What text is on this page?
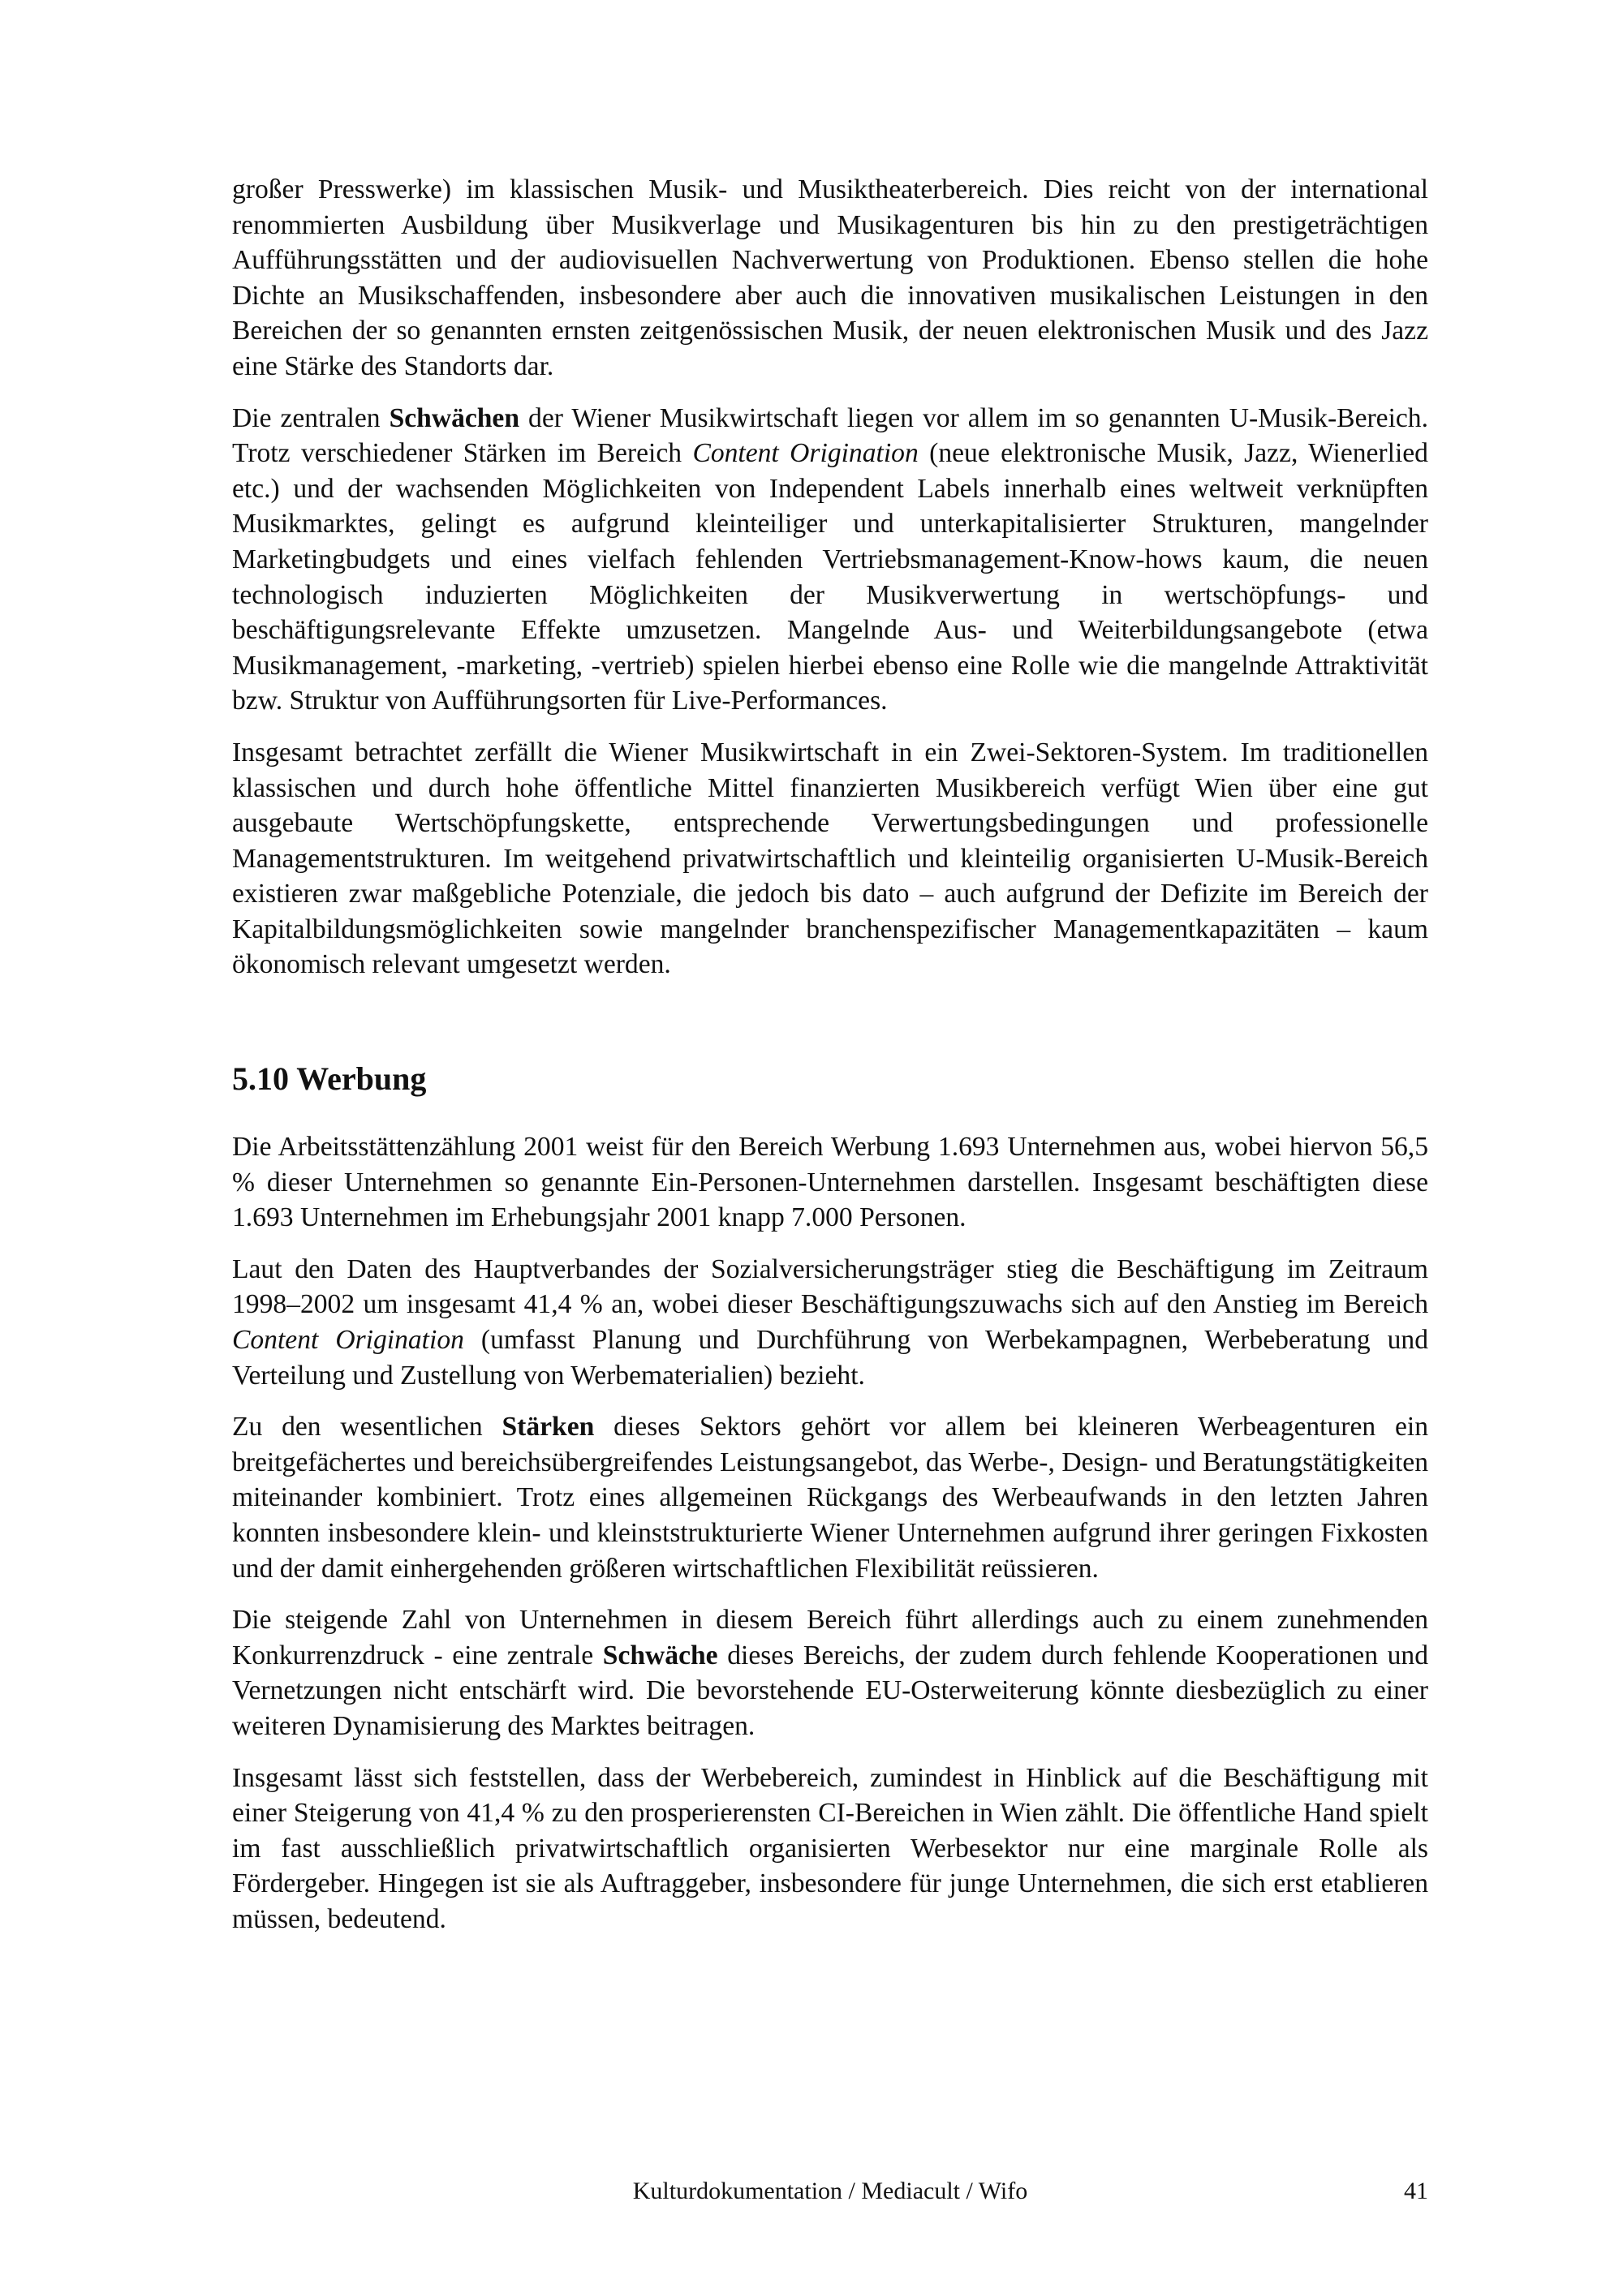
großer Presswerke) im klassischen Musik- und Musiktheaterbereich. Dies reicht von der international renommierten Ausbildung über Musikverlage und Musikagenturen bis hin zu den prestigeträchtigen Aufführungsstätten und der audiovisuellen Nachverwertung von Produktionen. Ebenso stellen die hohe Dichte an Musikschaffenden, insbesondere aber auch die innovativen musikalischen Leistungen in den Bereichen der so genannten ernsten zeitgenössischen Musik, der neuen elektronischen Musik und des Jazz eine Stärke des Standorts dar.

Die zentralen Schwächen der Wiener Musikwirtschaft liegen vor allem im so genannten U-Musik-Bereich. Trotz verschiedener Stärken im Bereich Content Origination (neue elektronische Musik, Jazz, Wienerlied etc.) und der wachsenden Möglichkeiten von Independent Labels innerhalb eines weltweit verknüpften Musikmarktes, gelingt es aufgrund kleinteiliger und unterkapitalisierter Strukturen, mangelnder Marketingbudgets und eines vielfach fehlenden Vertriebsmanagement-Know-hows kaum, die neuen technologisch induzierten Möglichkeiten der Musikverwertung in wertschöpfungs- und beschäftigungsrelevante Effekte umzusetzen. Mangelnde Aus- und Weiterbildungsangebote (etwa Musikmanagement, -marketing, -vertrieb) spielen hierbei ebenso eine Rolle wie die mangelnde Attraktivität bzw. Struktur von Aufführungsorten für Live-Performances.

Insgesamt betrachtet zerfällt die Wiener Musikwirtschaft in ein Zwei-Sektoren-System. Im traditionellen klassischen und durch hohe öffentliche Mittel finanzierten Musikbereich verfügt Wien über eine gut ausgebaute Wertschöpfungskette, entsprechende Verwertungsbedingungen und professionelle Managementstrukturen. Im weitgehend privatwirtschaftlich und kleinteilig organisierten U-Musik-Bereich existieren zwar maßgebliche Potenziale, die jedoch bis dato – auch aufgrund der Defizite im Bereich der Kapitalbildungsmöglichkeiten sowie mangelnder branchenspezifischer Managementkapazitäten – kaum ökonomisch relevant umgesetzt werden.

5.10 Werbung

Die Arbeitsstättenzählung 2001 weist für den Bereich Werbung 1.693 Unternehmen aus, wobei hiervon 56,5 % dieser Unternehmen so genannte Ein-Personen-Unternehmen darstellen. Insgesamt beschäftigten diese 1.693 Unternehmen im Erhebungsjahr 2001 knapp 7.000 Personen.

Laut den Daten des Hauptverbandes der Sozialversicherungsträger stieg die Beschäftigung im Zeitraum 1998–2002 um insgesamt 41,4 % an, wobei dieser Beschäftigungszuwachs sich auf den Anstieg im Bereich Content Origination (umfasst Planung und Durchführung von Werbekampagnen, Werbeberatung und Verteilung und Zustellung von Werbematerialien) bezieht.

Zu den wesentlichen Stärken dieses Sektors gehört vor allem bei kleineren Werbeagenturen ein breitgefächertes und bereichsübergreifendes Leistungsangebot, das Werbe-, Design- und Beratungstätigkeiten miteinander kombiniert. Trotz eines allgemeinen Rückgangs des Werbeaufwands in den letzten Jahren konnten insbesondere klein- und kleinststrukturierte Wiener Unternehmen aufgrund ihrer geringen Fixkosten und der damit einhergehenden größeren wirtschaftlichen Flexibilität reüssieren.

Die steigende Zahl von Unternehmen in diesem Bereich führt allerdings auch zu einem zunehmenden Konkurrenzdruck - eine zentrale Schwäche dieses Bereichs, der zudem durch fehlende Kooperationen und Vernetzungen nicht entschärft wird. Die bevorstehende EU-Osterweiterung könnte diesbezüglich zu einer weiteren Dynamisierung des Marktes beitragen.

Insgesamt lässt sich feststellen, dass der Werbebereich, zumindest in Hinblick auf die Beschäftigung mit einer Steigerung von 41,4 % zu den prosperierensten CI-Bereichen in Wien zählt. Die öffentliche Hand spielt im fast ausschließlich privatwirtschaftlich organisierten Werbesektor nur eine marginale Rolle als Fördergeber. Hingegen ist sie als Auftraggeber, insbesondere für junge Unternehmen, die sich erst etablieren müssen, bedeutend.

Kulturdokumentation / Mediacult / Wifo	41
